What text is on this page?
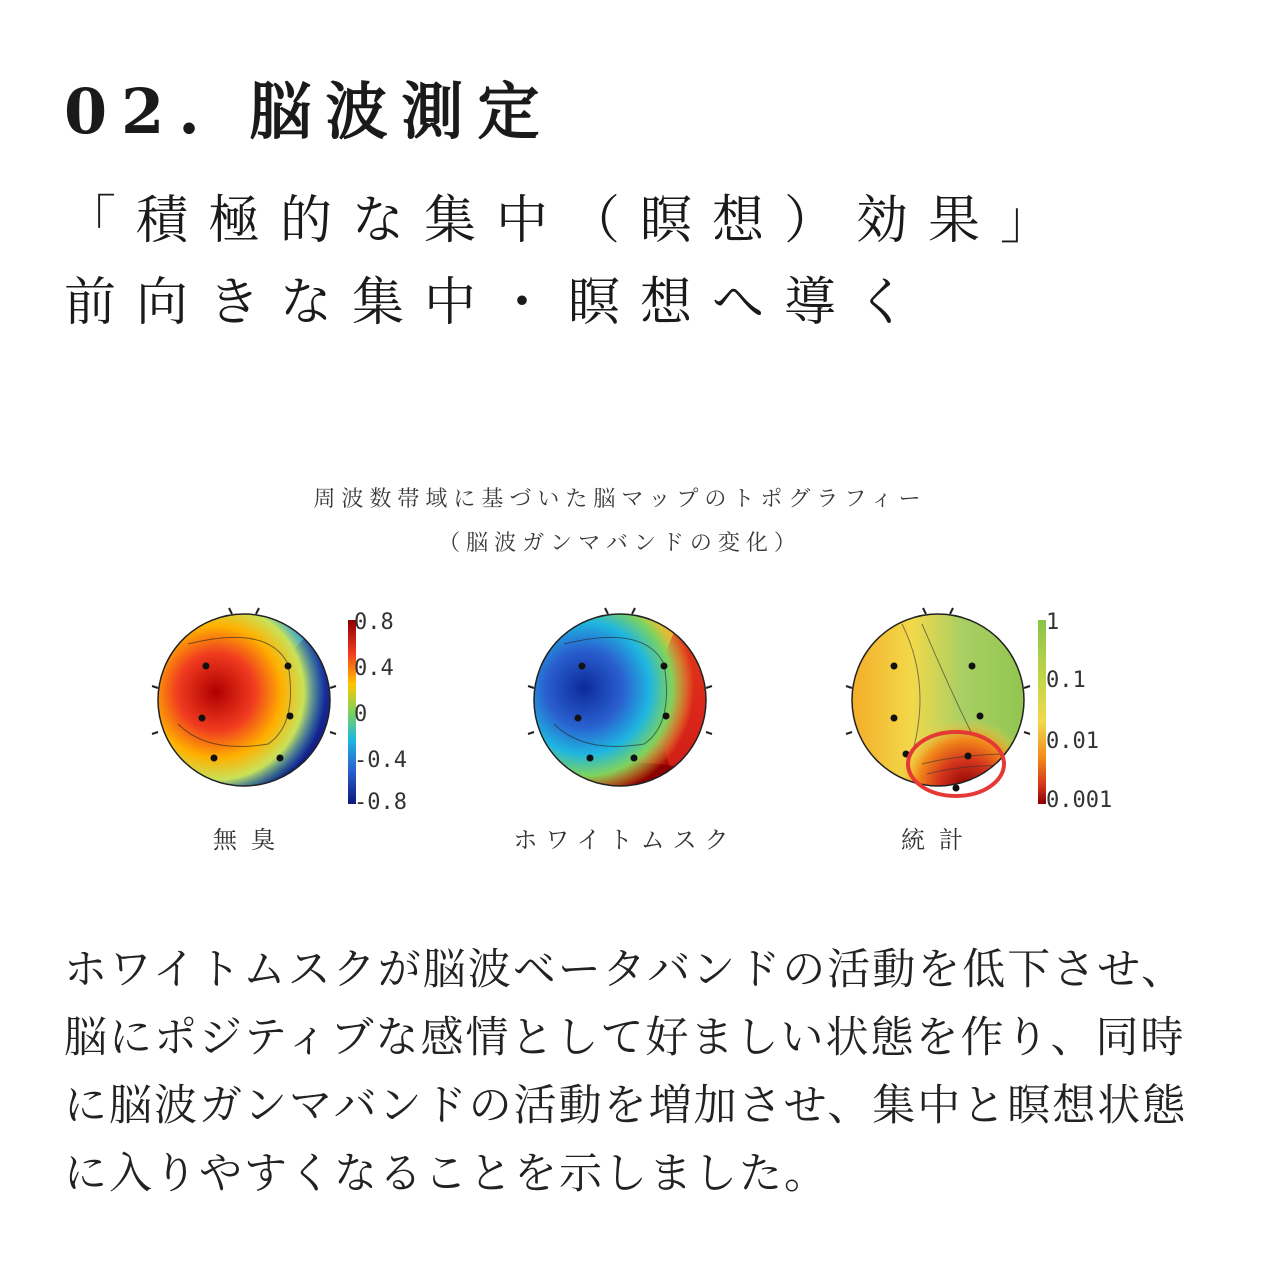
02. 脳波測定
「積極的な集中（瞑想）効果」
前向きな集中・瞑想へ導く
周波数帯域に基づいた脳マップのトポグラフィー
（脳波ガンマバンドの変化）
0.8
0.4
0
-0.4
-0.8
1
0.1
0.01
0.001
無臭	ホワイトムスク	統計
ホワイトムスクが脳波ベータバンドの活動を低下させ、
脳にポジティブな感情として好ましい状態を作り、同時
に脳波ガンマバンドの活動を増加させ、集中と瞑想状態
に入りやすくなることを示しました。
